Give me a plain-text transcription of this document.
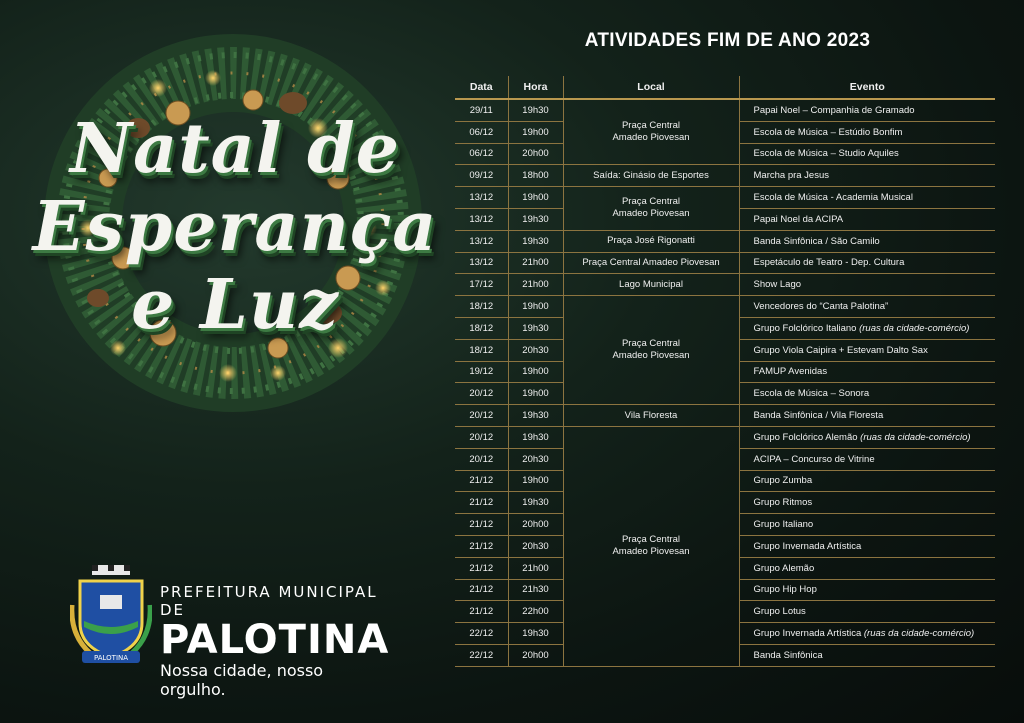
Natal de
Esperança
e Luz
PALOTINA
PREFEITURA MUNICIPAL DE
PALOTINA
Nossa cidade, nosso orgulho.
ATIVIDADES FIM DE ANO 2023
Data	Hora	Local	Evento
29/11	19h30	Praça Central Amadeo Piovesan	Papai Noel – Companhia de Gramado
06/12	19h00		Escola de Música – Estúdio Bonfim
06/12	20h00		Escola de Música – Studio Aquiles
09/12	18h00	Saída: Ginásio de Esportes	Marcha pra Jesus
13/12	19h00	Praça Central Amadeo Piovesan	Escola de Música - Academia Musical
13/12	19h30		Papai Noel da ACIPA
13/12	19h30	Praça José Rigonatti	Banda Sinfônica / São Camilo
13/12	21h00	Praça Central Amadeo Piovesan	Espetáculo de Teatro - Dep. Cultura
17/12	21h00	Lago Municipal	Show Lago
18/12	19h00	Praça Central Amadeo Piovesan	Vencedores do “Canta Palotina”
18/12	19h30		Grupo Folclórico Italiano (ruas da cidade-comércio)
18/12	20h30		Grupo Viola Caipira + Estevam Dalto Sax
19/12	19h00		FAMUP Avenidas
20/12	19h00		Escola de Música – Sonora
20/12	19h30	Vila Floresta	Banda Sinfônica / Vila Floresta
20/12	19h30	Praça Central Amadeo Piovesan	Grupo Folclórico Alemão (ruas da cidade-comércio)
20/12	20h30		ACIPA – Concurso de Vitrine
21/12	19h00		Grupo Zumba
21/12	19h30		Grupo Ritmos
21/12	20h00		Grupo Italiano
21/12	20h30		Grupo Invernada Artística
21/12	21h00		Grupo Alemão
21/12	21h30		Grupo Hip Hop
21/12	22h00		Grupo Lotus
22/12	19h30		Grupo Invernada Artística (ruas da cidade-comércio)
22/12	20h00		Banda Sinfônica
